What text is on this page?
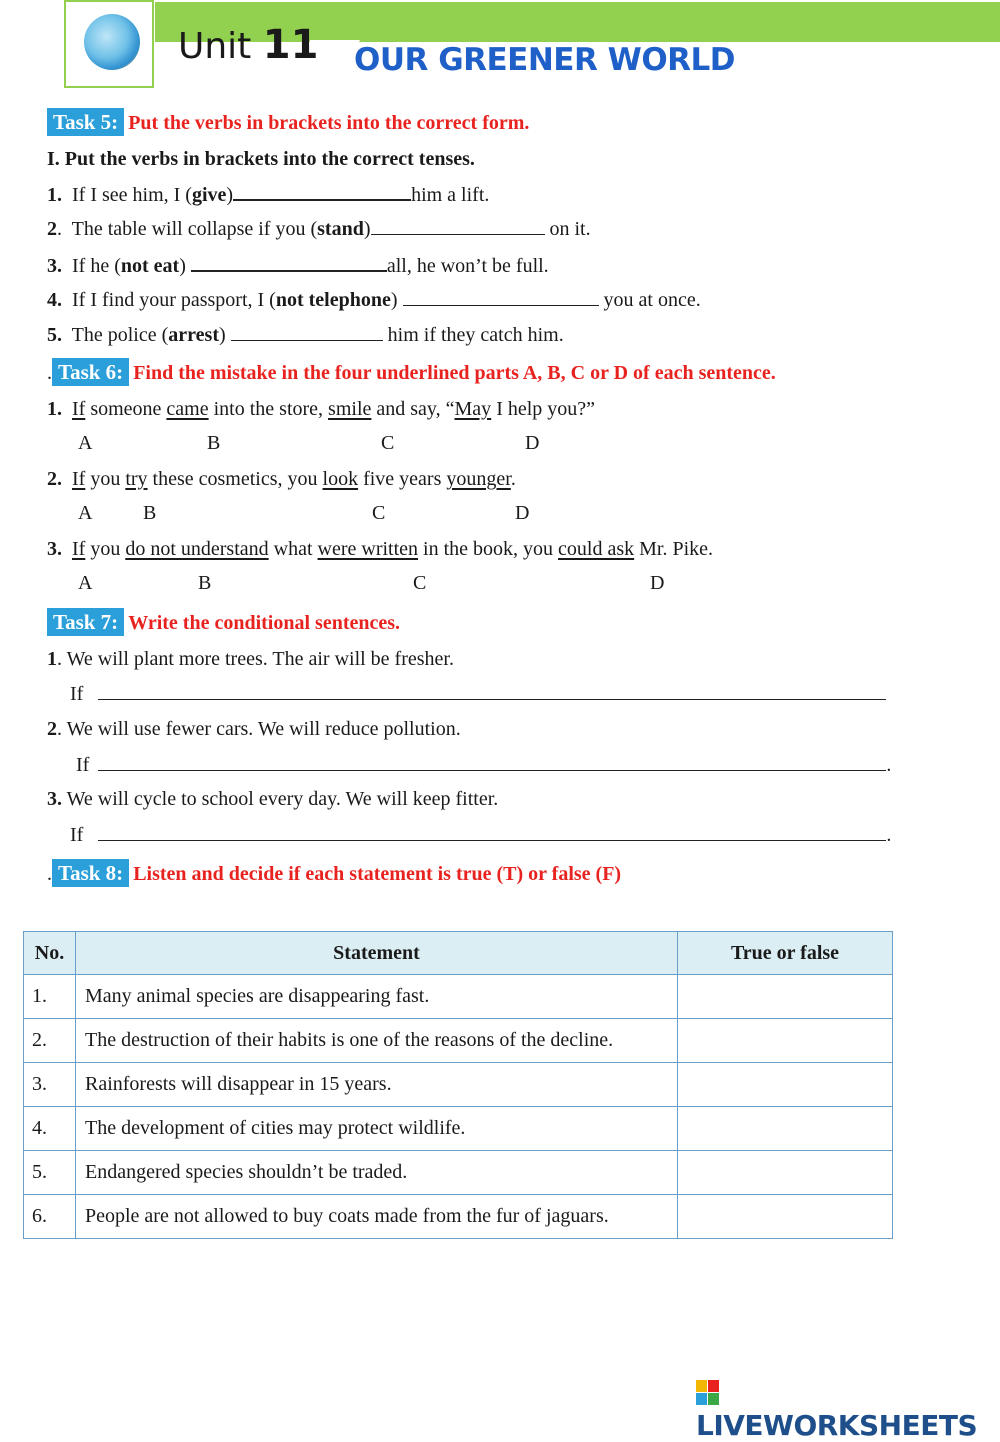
Unit 11 OUR GREENER WORLD
Task 5: Put the verbs in brackets into the correct form.
I. Put the verbs in brackets into the correct tenses.
1. If I see him, I (give)	him a lift.
2. The table will collapse if you (stand)	on it.
3. If he (not eat)	all, he won’t be full.
4. If I find your passport, I (not telephone)	you at once.
5. The police (arrest)	him if they catch him.
. Task 6: Find the mistake in the four underlined parts A, B, C or D of each sentence.
1. If someone came into the store, smile and say, “May I help you?”
A	B	C	D
2. If you try these cosmetics, you look five years younger.
A	B	C	D
3. If you do not understand what were written in the book, you could ask Mr. Pike.
A	B	C	D
Task 7: Write the conditional sentences.
1. We will plant more trees. The air will be fresher.
If
2. We will use fewer cars. We will reduce pollution.
If	.
3. We will cycle to school every day. We will keep fitter.
If	.
. Task 8: Listen and decide if each statement is true (T) or false (F)
No.	Statement	True or false
1.	Many animal species are disappearing fast.	
2.	The destruction of their habits is one of the reasons of the decline.	
3.	Rainforests will disappear in 15 years.	
4.	The development of cities may protect wildlife.	
5.	Endangered species shouldn’t be traded.	
6.	People are not allowed to buy coats made from the fur of jaguars.	
LIVEWORKSHEETS
